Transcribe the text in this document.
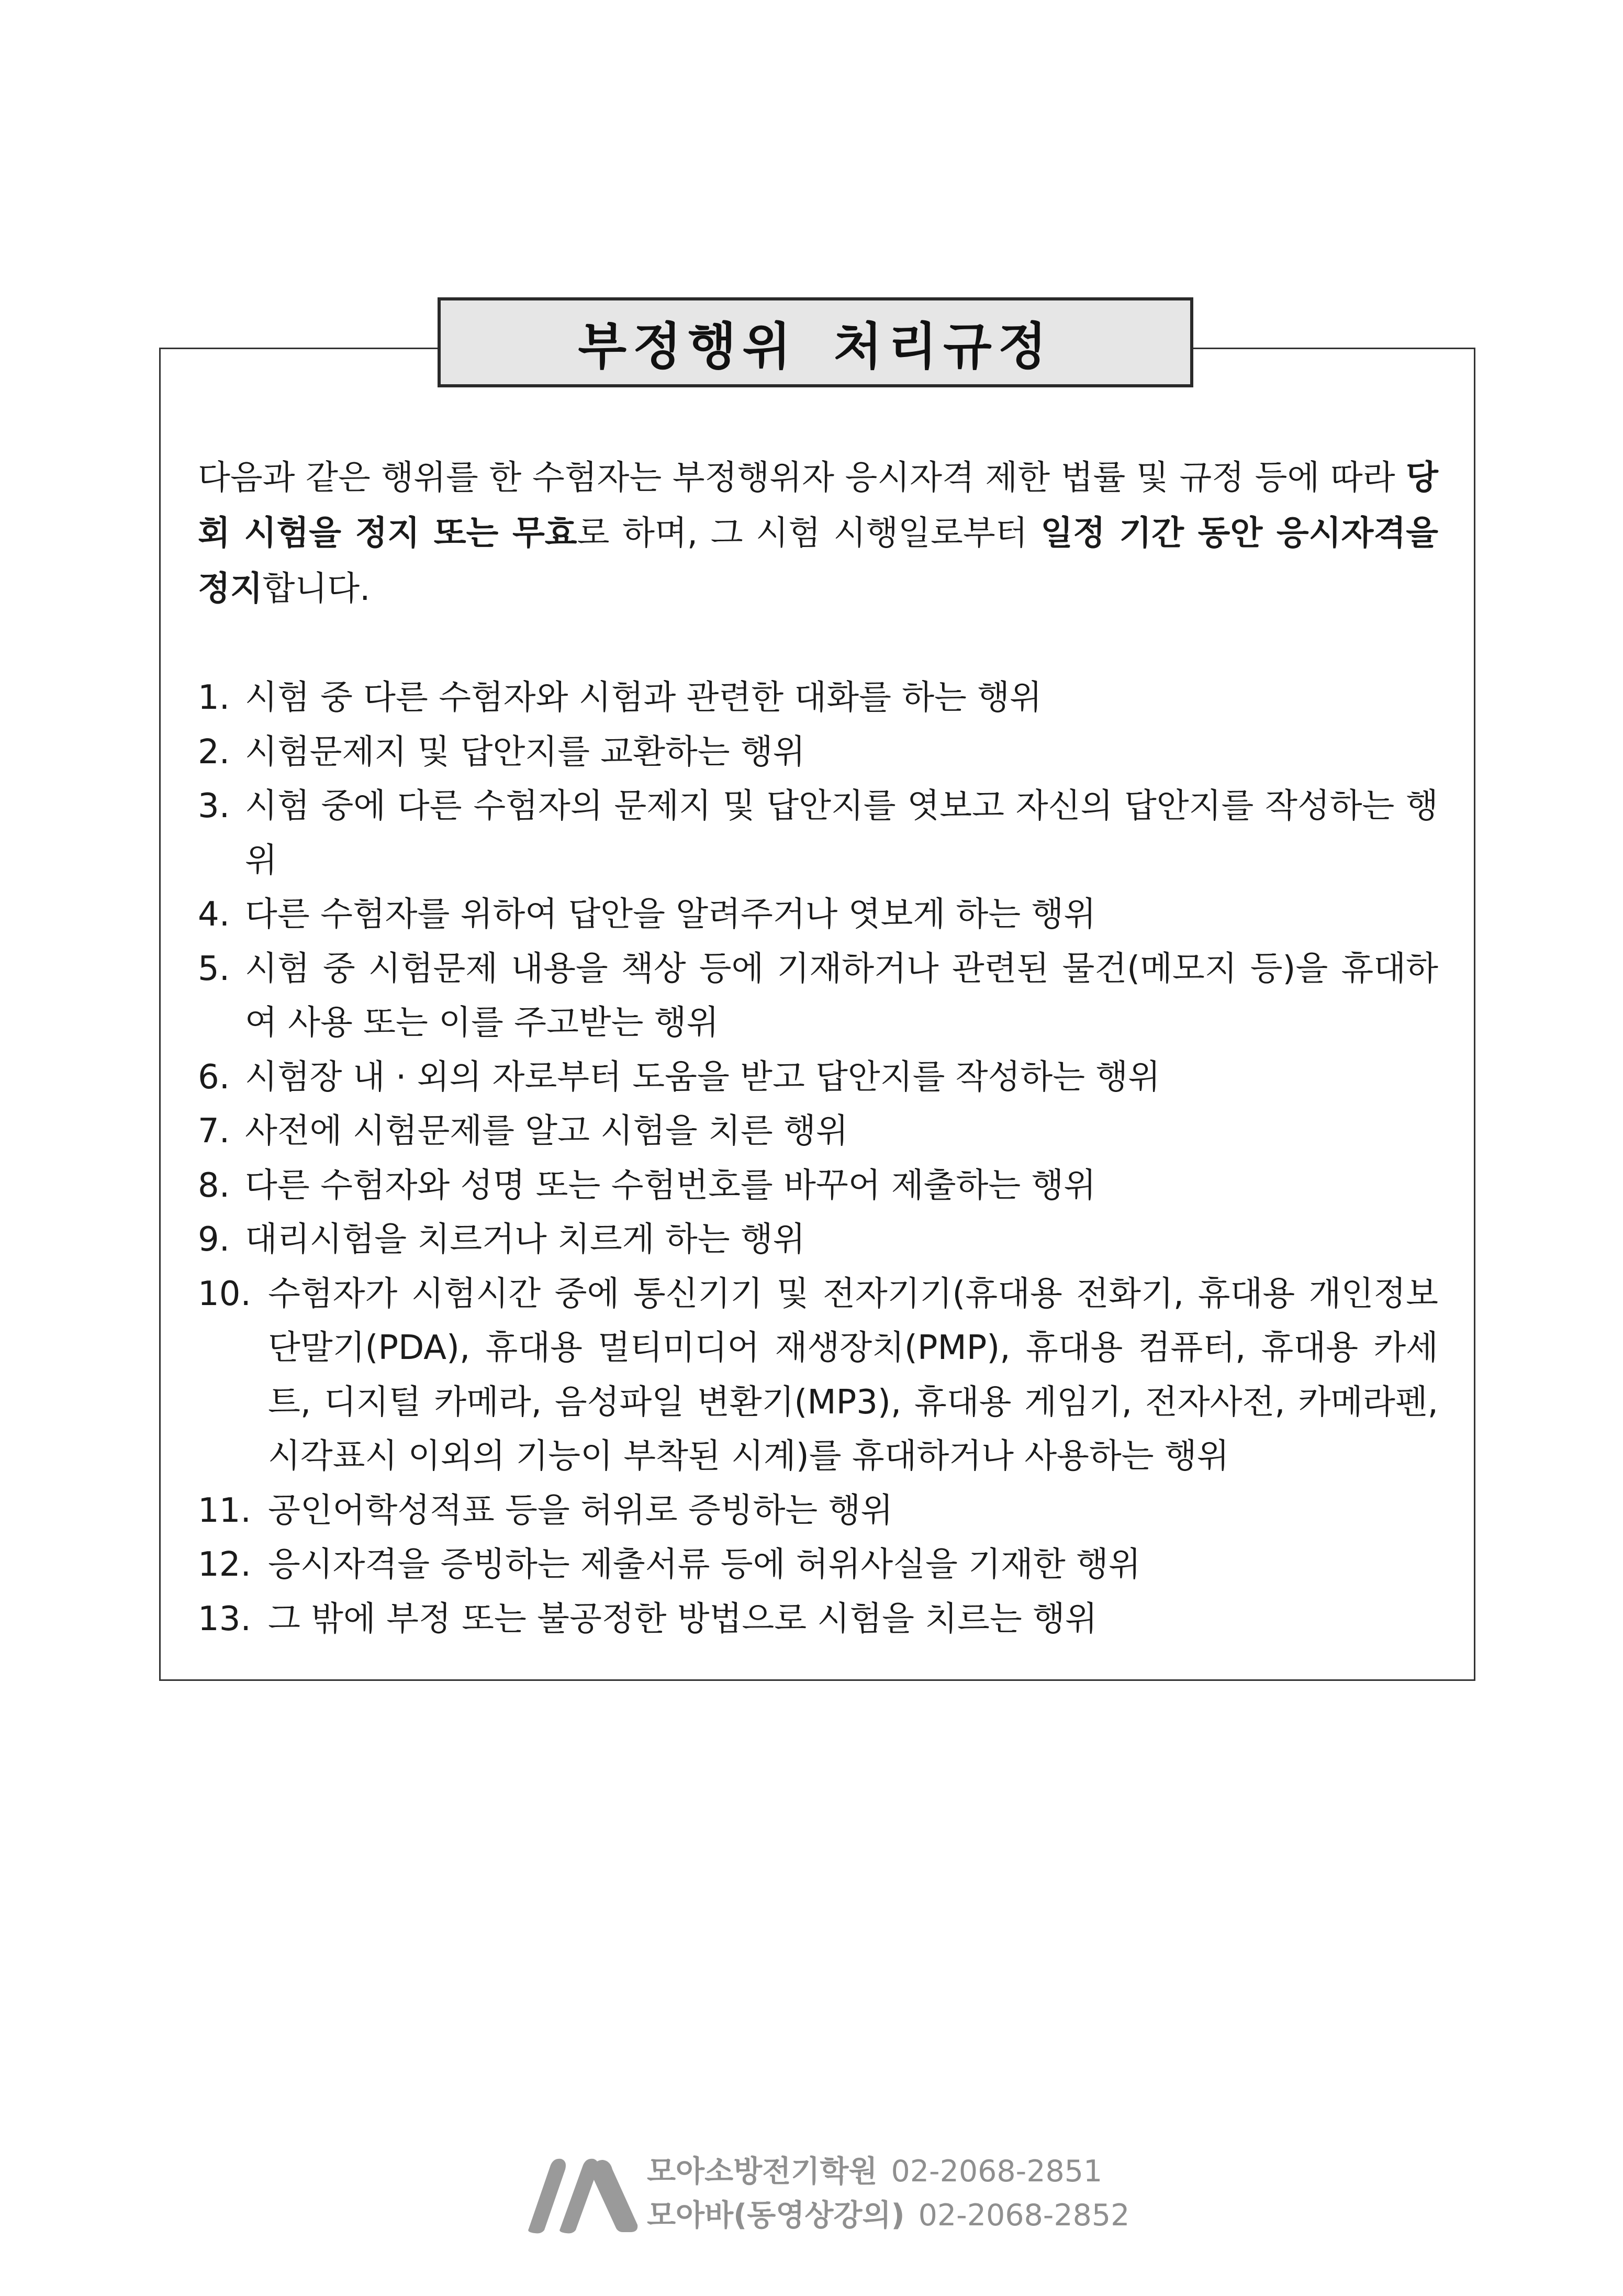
부정행위 처리규정

다음과 같은 행위를 한 수험자는 부정행위자 응시자격 제한 법률 및 규정 등에 따라 당회 시험을 정지 또는 무효로 하며, 그 시험 시행일로부터 일정 기간 동안 응시자격을 정지합니다.

1. 시험 중 다른 수험자와 시험과 관련한 대화를 하는 행위
2. 시험문제지 및 답안지를 교환하는 행위
3. 시험 중에 다른 수험자의 문제지 및 답안지를 엿보고 자신의 답안지를 작성하는 행위
4. 다른 수험자를 위하여 답안을 알려주거나 엿보게 하는 행위
5. 시험 중 시험문제 내용을 책상 등에 기재하거나 관련된 물건(메모지 등)을 휴대하여 사용 또는 이를 주고받는 행위
6. 시험장 내 · 외의 자로부터 도움을 받고 답안지를 작성하는 행위
7. 사전에 시험문제를 알고 시험을 치른 행위
8. 다른 수험자와 성명 또는 수험번호를 바꾸어 제출하는 행위
9. 대리시험을 치르거나 치르게 하는 행위
10. 수험자가 시험시간 중에 통신기기 및 전자기기(휴대용 전화기, 휴대용 개인정보단말기(PDA), 휴대용 멀티미디어 재생장치(PMP), 휴대용 컴퓨터, 휴대용 카세트, 디지털 카메라, 음성파일 변환기(MP3), 휴대용 게임기, 전자사전, 카메라펜, 시각표시 이외의 기능이 부착된 시계)를 휴대하거나 사용하는 행위
11. 공인어학성적표 등을 허위로 증빙하는 행위
12. 응시자격을 증빙하는 제출서류 등에 허위사실을 기재한 행위
13. 그 밖에 부정 또는 불공정한 방법으로 시험을 치르는 행위
모아소방전기학원 02-2068-2851
모아바(동영상강의) 02-2068-2852
